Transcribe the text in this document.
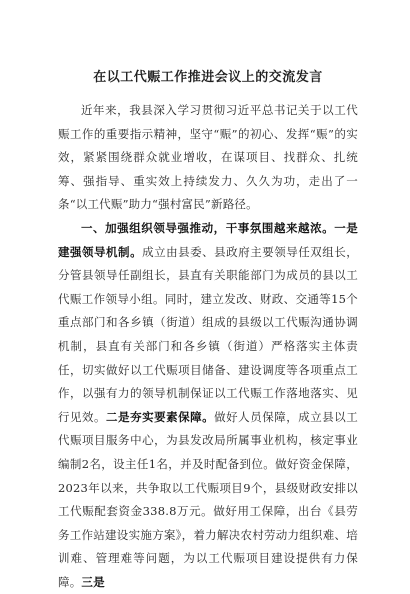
在以工代赈工作推进会议上的交流发言

近年来，我县深入学习贯彻习近平总书记关于以工代赈工作的重要指示精神，坚守“赈”的初心、发挥“赈”的实效，紧紧围绕群众就业增收，在谋项目、找群众、扎统筹、强指导、重实效上持续发力、久久为功，走出了一条“以工代赈”助力“强村富民”新路径。

一、加强组织领导强推动，干事氛围越来越浓。一是建强领导机制。成立由县委、县政府主要领导任双组长，分管县领导任副组长，县直有关职能部门为成员的县以工代赈工作领导小组。同时，建立发改、财政、交通等15个重点部门和各乡镇（街道）组成的县级以工代赈沟通协调机制，县直有关部门和各乡镇（街道）严格落实主体责任，切实做好以工代赈项目储备、建设调度等各项重点工作，以强有力的领导机制保证以工代赈工作落地落实、见行见效。二是夯实要素保障。做好人员保障，成立县以工代赈项目服务中心，为县发改局所属事业机构，核定事业编制2名，设主任1名，并及时配备到位。做好资金保障，2023年以来，共争取以工代赈项目9个，县级财政安排以工代赈配套资金338.8万元。做好用工保障，出台《县劳务工作站建设实施方案》，着力解决农村劳动力组织难、培训难、管理难等问题，为以工代赈项目建设提供有力保障。三是
